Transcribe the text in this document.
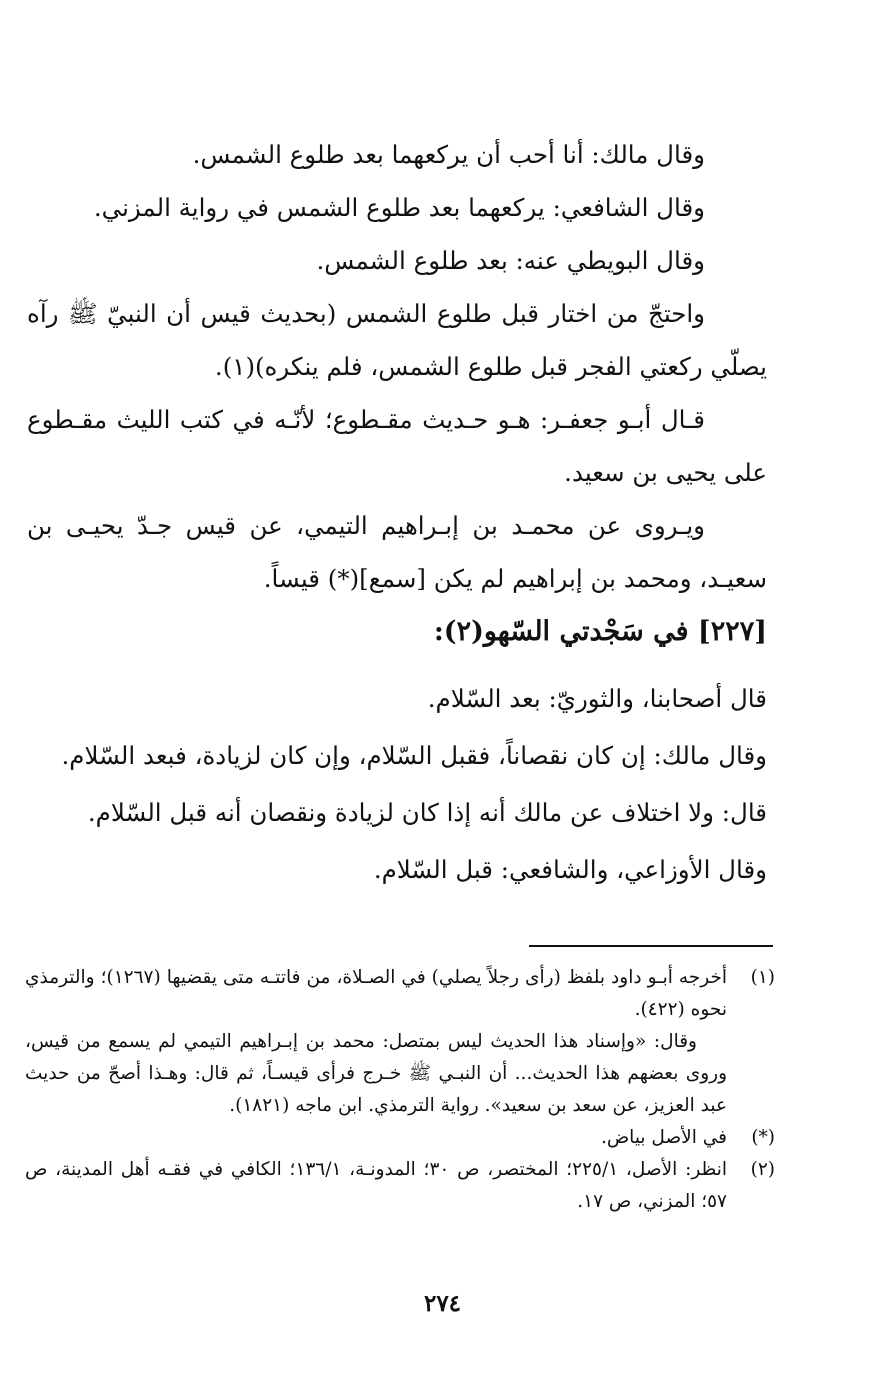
وقال مالك: أنا أحب أن يركعهما بعد طلوع الشمس.

وقال الشافعي: يركعهما بعد طلوع الشمس في رواية المزني.

وقال البويطي عنه: بعد طلوع الشمس.

واحتجّ من اختار قبل طلوع الشمس (بحديث قيس أن النبيّ ﷺ رآه يصلّي ركعتي الفجر قبل طلوع الشمس، فلم ينكره)(١).

قـال أبـو جعفـر: هـو حـديث مقـطوع؛ لأنّـه في كتب الليث مقـطوع على يحيى بن سعيد.

ويـروى عن محمـد بن إبـراهيم التيمي، عن قيس جـدّ يحيـى بن سعيـد، ومحمد بن إبراهيم لم يكن [سمع](*) قيساً.

[٢٢٧] في سَجْدتي السّهو(٢):

قال أصحابنا، والثوريّ: بعد السّلام.

وقال مالك: إن كان نقصاناً، فقبل السّلام، وإن كان لزيادة، فبعد السّلام.

قال: ولا اختلاف عن مالك أنه إذا كان لزيادة ونقصان أنه قبل السّلام.

وقال الأوزاعي، والشافعي: قبل السّلام.

(١)

أخرجه أبـو داود بلفظ (رأى رجلاً يصلي) في الصـلاة، من فاتتـه متى يقضيها (١٢٦٧)؛ والترمذي نحوه (٤٢٢).

وقال: «وإسناد هذا الحديث ليس بمتصل: محمد بن إبـراهيم التيمي لم يسمع من قيس، وروى بعضهم هذا الحديث... أن النبـي ﷺ خـرج فرأى قيسـاً، ثم قال: وهـذا أصحّ من حديث عبد العزيز، عن سعد بن سعيد». رواية الترمذي. ابن ماجه (١٨٢١).

(*)

في الأصل بياض.

(٢)

انظر: الأصل، ٢٢٥/١؛ المختصر، ص ٣٠؛ المدونـة، ١٣٦/١؛ الكافي في فقـه أهل المدينة، ص ٥٧؛ المزني، ص ١٧.

٢٧٤
